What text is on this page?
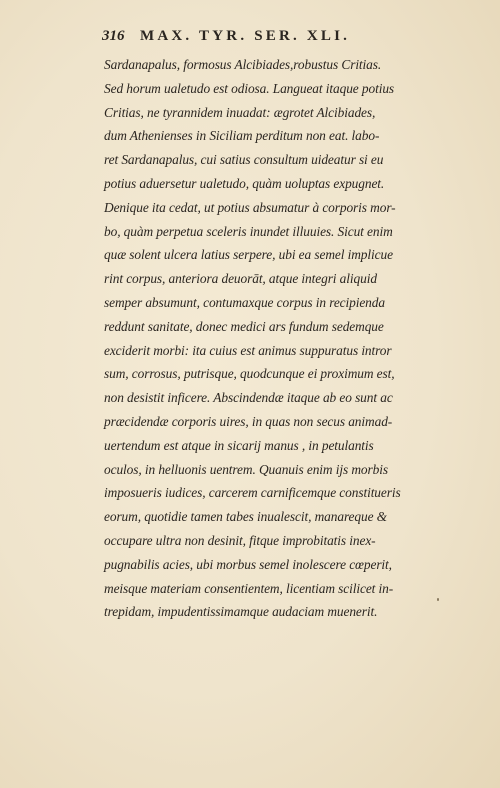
316 MAX. TYR. SER. XLI.
Sardanapalus, formosus Alcibiades,robustus Critias.
Sed horum ualetudo est odiosa. Langueat itaque potius
Critias, ne tyrannidem inuadat: ægrotet Alcibiades,
dum Athenienses in Siciliam perditum non eat. labo-
ret Sardanapalus, cui satius consultum uideatur si eu
potius aduersetur ualetudo, quàm uoluptas expugnet.
Denique ita cedat, ut potius absumatur à corporis mor-
bo, quàm perpetua sceleris inundet illuuies. Sicut enim
quæ solent ulcera latius serpere, ubi ea semel implicue
rint corpus, anteriora deuorāt, atque integri aliquid
semper absumunt, contumaxque corpus in recipienda
reddunt sanitate, donec medici ars fundum sedemque
exciderit morbi: ita cuius est animus suppuratus intror
sum, corrosus, putrisque, quodcunque ei proximum est,
non desistit inficere. Abscindendæ itaque ab eo sunt ac
præcidendæ corporis uires, in quas non secus animad-
uertendum est atque in sicarij manus , in petulantis
oculos, in helluonis uentrem. Quanuis enim ijs morbis
imposueris iudices, carcerem carnificemque constitueris
eorum, quotidie tamen tabes inualescit, manareque &
occupare ultra non desinit, fitque improbitatis inex-
pugnabilis acies, ubi morbus semel inolescere cœperit,
meisque materiam consentientem, licentiam scilicet in-
trepidam, impudentissimamque audaciam muenerit.
